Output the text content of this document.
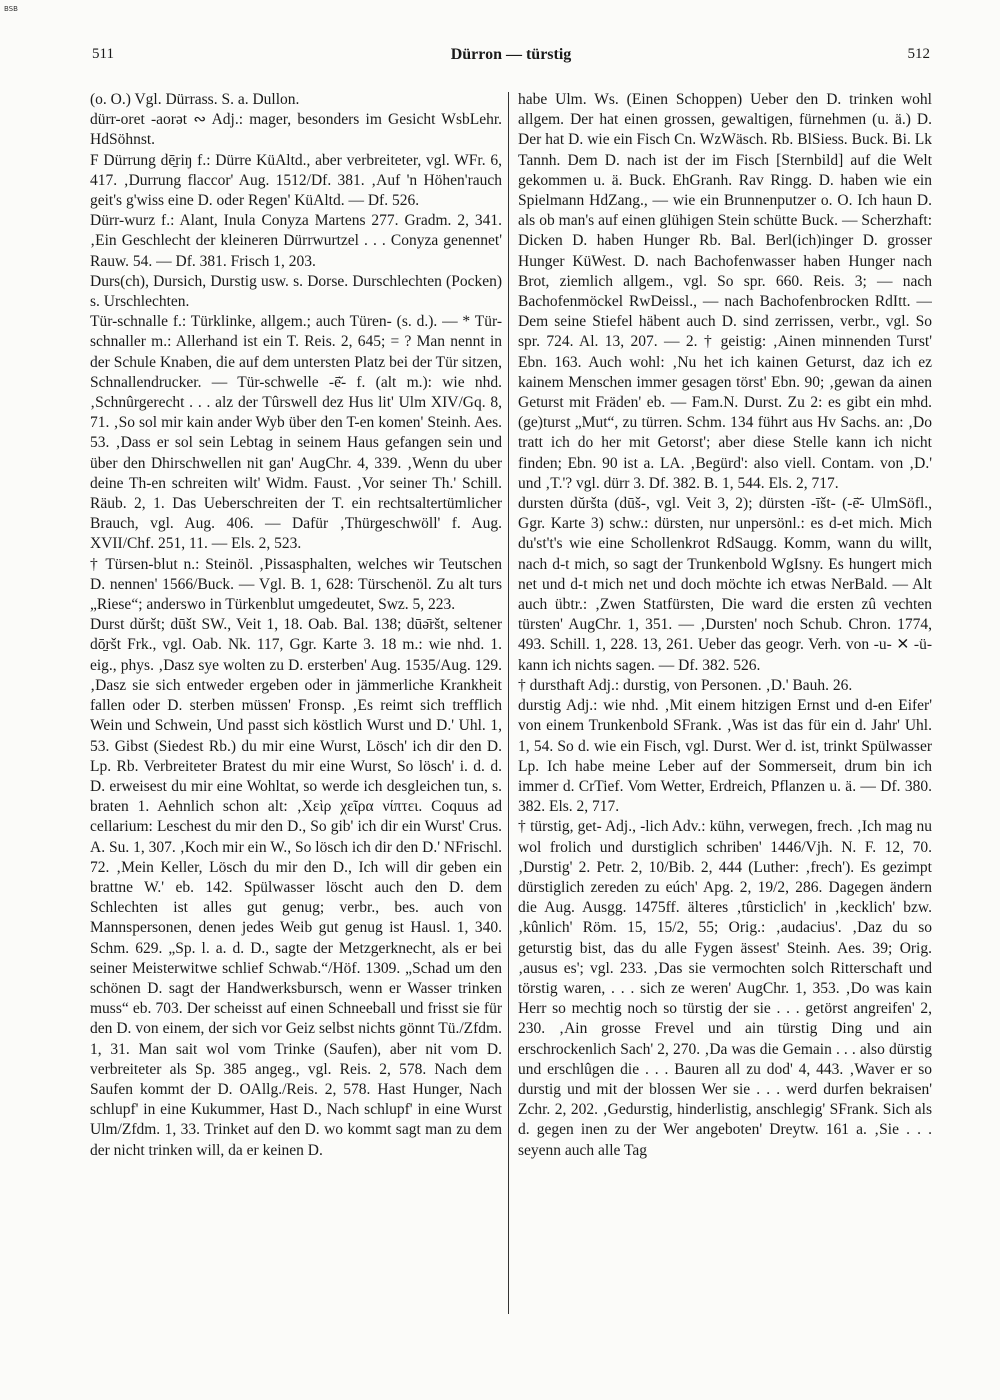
BSB
511	Dürron — türstig	512

(o. O.) Vgl. Dürrass. S. a. Dullon.

dürr-oret -aorət ∾ Adj.: mager, besonders im Gesicht WsbLehr. HdSöhnst.

F Dürrung dē̱riŋ f.: Dürre KüAltd., aber verbreiteter, vgl. WFr. 6, 417. ‚Durrung flaccor' Aug. 1512/Df. 381. ‚Auf 'n Höhen'rauch geit's g'wiss eine D. oder Regen' KüAltd. — Df. 526.

Dürr-wurz f.: Alant, Inula Conyza Martens 277. Gradm. 2, 341. ‚Ein Geschlecht der kleineren Dürrwurtzel . . . Conyza genennet' Rauw. 54. — Df. 381. Frisch 1, 203.

Durs(ch), Dursich, Durstig usw. s. Dorse. Durschlechten (Pocken) s. Urschlechten.

Tür-schnalle f.: Türklinke, allgem.; auch Türen- (s. d.). — * Tür-schnaller m.: Allerhand ist ein T. Reis. 2, 645; = ? Man nennt in der Schule Knaben, die auf dem untersten Platz bei der Tür sitzen, Schnallendrucker. — Tür-schwelle -ē̆- f. (alt m.): wie nhd. ‚Schnûrgerecht . . . alz der Tûrswell dez Hus lit' Ulm XIV/Gq. 8, 71. ‚So sol mir kain ander Wyb über den T-en komen' Steinh. Aes. 53. ‚Dass er sol sein Lebtag in seinem Haus gefangen sein und über den Dhirschwellen nit gan' AugChr. 4, 339. ‚Wenn du uber deine Th-en schreiten wilt' Widm. Faust. ‚Vor seiner Th.' Schill. Räub. 2, 1. Das Ueberschreiten der T. ein rechtsaltertümlicher Brauch, vgl. Aug. 406. — Dafür ‚Thürgeschwöll' f. Aug. XVII/Chf. 251, 11. — Els. 2, 523.

† Türsen-blut n.: Steinöl. ‚Pissasphalten, welches wir Teutschen D. nennen' 1566/Buck. — Vgl. B. 1, 628: Türschenöl. Zu alt turs „Riese“; anderswo in Türkenblut umgedeutet, Swz. 5, 223.

Durst dŭršt; dūšt SW., Veit 1, 18. Oab. Bal. 138; dūə̄ršt, seltener dō̱ršt Frk., vgl. Oab. Nk. 117, Ggr. Karte 3. 18 m.: wie nhd. 1. eig., phys. ‚Dasz sye wolten zu D. ersterben' Aug. 1535/Aug. 129. ‚Dasz sie sich entweder ergeben oder in jämmerliche Krankheit fallen oder D. sterben müssen' Fronsp. ‚Es reimt sich trefflich Wein und Schwein, Und passt sich köstlich Wurst und D.' Uhl. 1, 53. Gibst (Siedest Rb.) du mir eine Wurst, Lösch' ich dir den D. Lp. Rb. Verbreiteter Bratest du mir eine Wurst, So lösch' i. d. d. D. erweisest du mir eine Wohltat, so werde ich desgleichen tun, s. braten 1. Aehnlich schon alt: ‚Χεὶρ χεῖρα νίπτει. Coquus ad cellarium: Leschest du mir den D., So gib' ich dir ein Wurst' Crus. A. Su. 1, 307. ‚Koch mir ein W., So lösch ich dir den D.' NFrischl. 72. ‚Mein Keller, Lösch du mir den D., Ich will dir geben ein brattne W.' eb. 142. Spülwasser löscht auch den D. dem Schlechten ist alles gut genug; verbr., bes. auch von Mannspersonen, denen jedes Weib gut genug ist Hausl. 1, 340. Schm. 629. „Sp. l. a. d. D., sagte der Metzgerknecht, als er bei seiner Meisterwitwe schlief Schwab.“/Höf. 1309. „Schad um den schönen D. sagt der Handwerksbursch, wenn er Wasser trinken muss“ eb. 703. Der scheisst auf einen Schneeball und frisst sie für den D. von einem, der sich vor Geiz selbst nichts gönnt Tü./Zfdm. 1, 31. Man sait wol vom Trinke (Saufen), aber nit vom D. verbreiteter als Sp. 385 angeg., vgl. Reis. 2, 578. Nach dem Saufen kommt der D. OAllg./Reis. 2, 578. Hast Hunger, Nach schlupf' in eine Kukummer, Hast D., Nach schlupf' in eine Wurst Ulm/Zfdm. 1, 33. Trinket auf den D. wo kommt sagt man zu dem der nicht trinken will, da er keinen D.

habe Ulm. Ws. (Einen Schoppen) Ueber den D. trinken wohl allgem. Der hat einen grossen, gewaltigen, fürnehmen (u. ä.) D. Der hat D. wie ein Fisch Cn. WzWäsch. Rb. BlSiess. Buck. Bi. Lk Tannh. Dem D. nach ist der im Fisch [Sternbild] auf die Welt gekommen u. ä. Buck. EhGranh. Rav Ringg. D. haben wie ein Spielmann HdZang., — wie ein Brunnenputzer o. O. Ich haun D. als ob man's auf einen glühigen Stein schütte Buck. — Scherzhaft: Dicken D. haben Hunger Rb. Bal. Berl(ich)inger D. grosser Hunger KüWest. D. nach Bachofenwasser haben Hunger nach Brot, ziemlich allgem., vgl. So spr. 660. Reis. 3; — nach Bachofenmöckel RwDeissl., — nach Bachofenbrocken RdItt. — Dem seine Stiefel häbent auch D. sind zerrissen, verbr., vgl. So spr. 724. Al. 13, 207. — 2. † geistig: ‚Ainen minnenden Turst' Ebn. 163. Auch wohl: ‚Nu het ich kainen Geturst, daz ich ez kainem Menschen immer gesagen törst' Ebn. 90; ‚gewan da ainen Geturst mit Fräden' eb. — Fam.N. Durst. Zu 2: es gibt ein mhd. (ge)turst „Mut“, zu türren. Schm. 134 führt aus Hv Sachs. an: ‚Do tratt ich do her mit Getorst'; aber diese Stelle kann ich nicht finden; Ebn. 90 ist a. LA. ‚Begürd': also viell. Contam. von ‚D.' und ‚T.'? vgl. dürr 3. Df. 382. B. 1, 544. Els. 2, 717.

dursten dŭršta (dūš-, vgl. Veit 3, 2); dürsten -īšt- (-ē̆- UlmSöfl., Ggr. Karte 3) schw.: dürsten, nur unpersönl.: es d-et mich. Mich du'st't's wie eine Schollenkrot RdSaugg. Komm, wann du willt, nach d-t mich, so sagt der Trunkenbold WgIsny. Es hungert mich net und d-t mich net und doch möchte ich etwas NerBald. — Alt auch übtr.: ‚Zwen Statfürsten, Die ward die ersten zû vechten türsten' AugChr. 1, 351. — ‚Dursten' noch Schub. Chron. 1774, 493. Schill. 1, 228. 13, 261. Ueber das geogr. Verh. von -u- ✕ -ü- kann ich nichts sagen. — Df. 382. 526.

† dursthaft Adj.: durstig, von Personen. ‚D.' Bauh. 26.

durstig Adj.: wie nhd. ‚Mit einem hitzigen Ernst und d-en Eifer' von einem Trunkenbold SFrank. ‚Was ist das für ein d. Jahr' Uhl. 1, 54. So d. wie ein Fisch, vgl. Durst. Wer d. ist, trinkt Spülwasser Lp. Ich habe meine Leber auf der Sommerseit, drum bin ich immer d. CrTief. Vom Wetter, Erdreich, Pflanzen u. ä. — Df. 380. 382. Els. 2, 717.

† türstig, get- Adj., -lich Adv.: kühn, verwegen, frech. ‚Ich mag nu wol frolich und durstiglich schriben' 1446/Vjh. N. F. 12, 70. ‚Durstig' 2. Petr. 2, 10/Bib. 2, 444 (Luther: ‚frech'). Es gezimpt dürstiglich zereden zu eúch' Apg. 2, 19/2, 286. Dagegen ändern die Aug. Ausgg. 1475ff. älteres ‚tûrsticlich' in ‚kecklich' bzw. ‚kûnlich' Röm. 15, 15/2, 55; Orig.: ‚audacius'. ‚Daz du so geturstig bist, das du alle Fygen ässest' Steinh. Aes. 39; Orig. ‚ausus es'; vgl. 233. ‚Das sie vermochten solch Ritterschaft und törstig waren, . . . sich ze weren' AugChr. 1, 353. ‚Do was kain Herr so mechtig noch so türstig der sie . . . getörst angreifen' 2, 230. ‚Ain grosse Frevel und ain türstig Ding und ain erschrockenlich Sach' 2, 270. ‚Da was die Gemain . . . also dürstig und erschlûgen die . . . Bauren all zu dod' 4, 443. ‚Waver er so durstig und mit der blossen Wer sie . . . werd durfen bekraisen' Zchr. 2, 202. ‚Gedurstig, hinderlistig, anschlegig' SFrank. Sich als d. gegen inen zu der Wer angeboten' Dreytw. 161 a. ‚Sie . . . seyenn auch alle Tag
